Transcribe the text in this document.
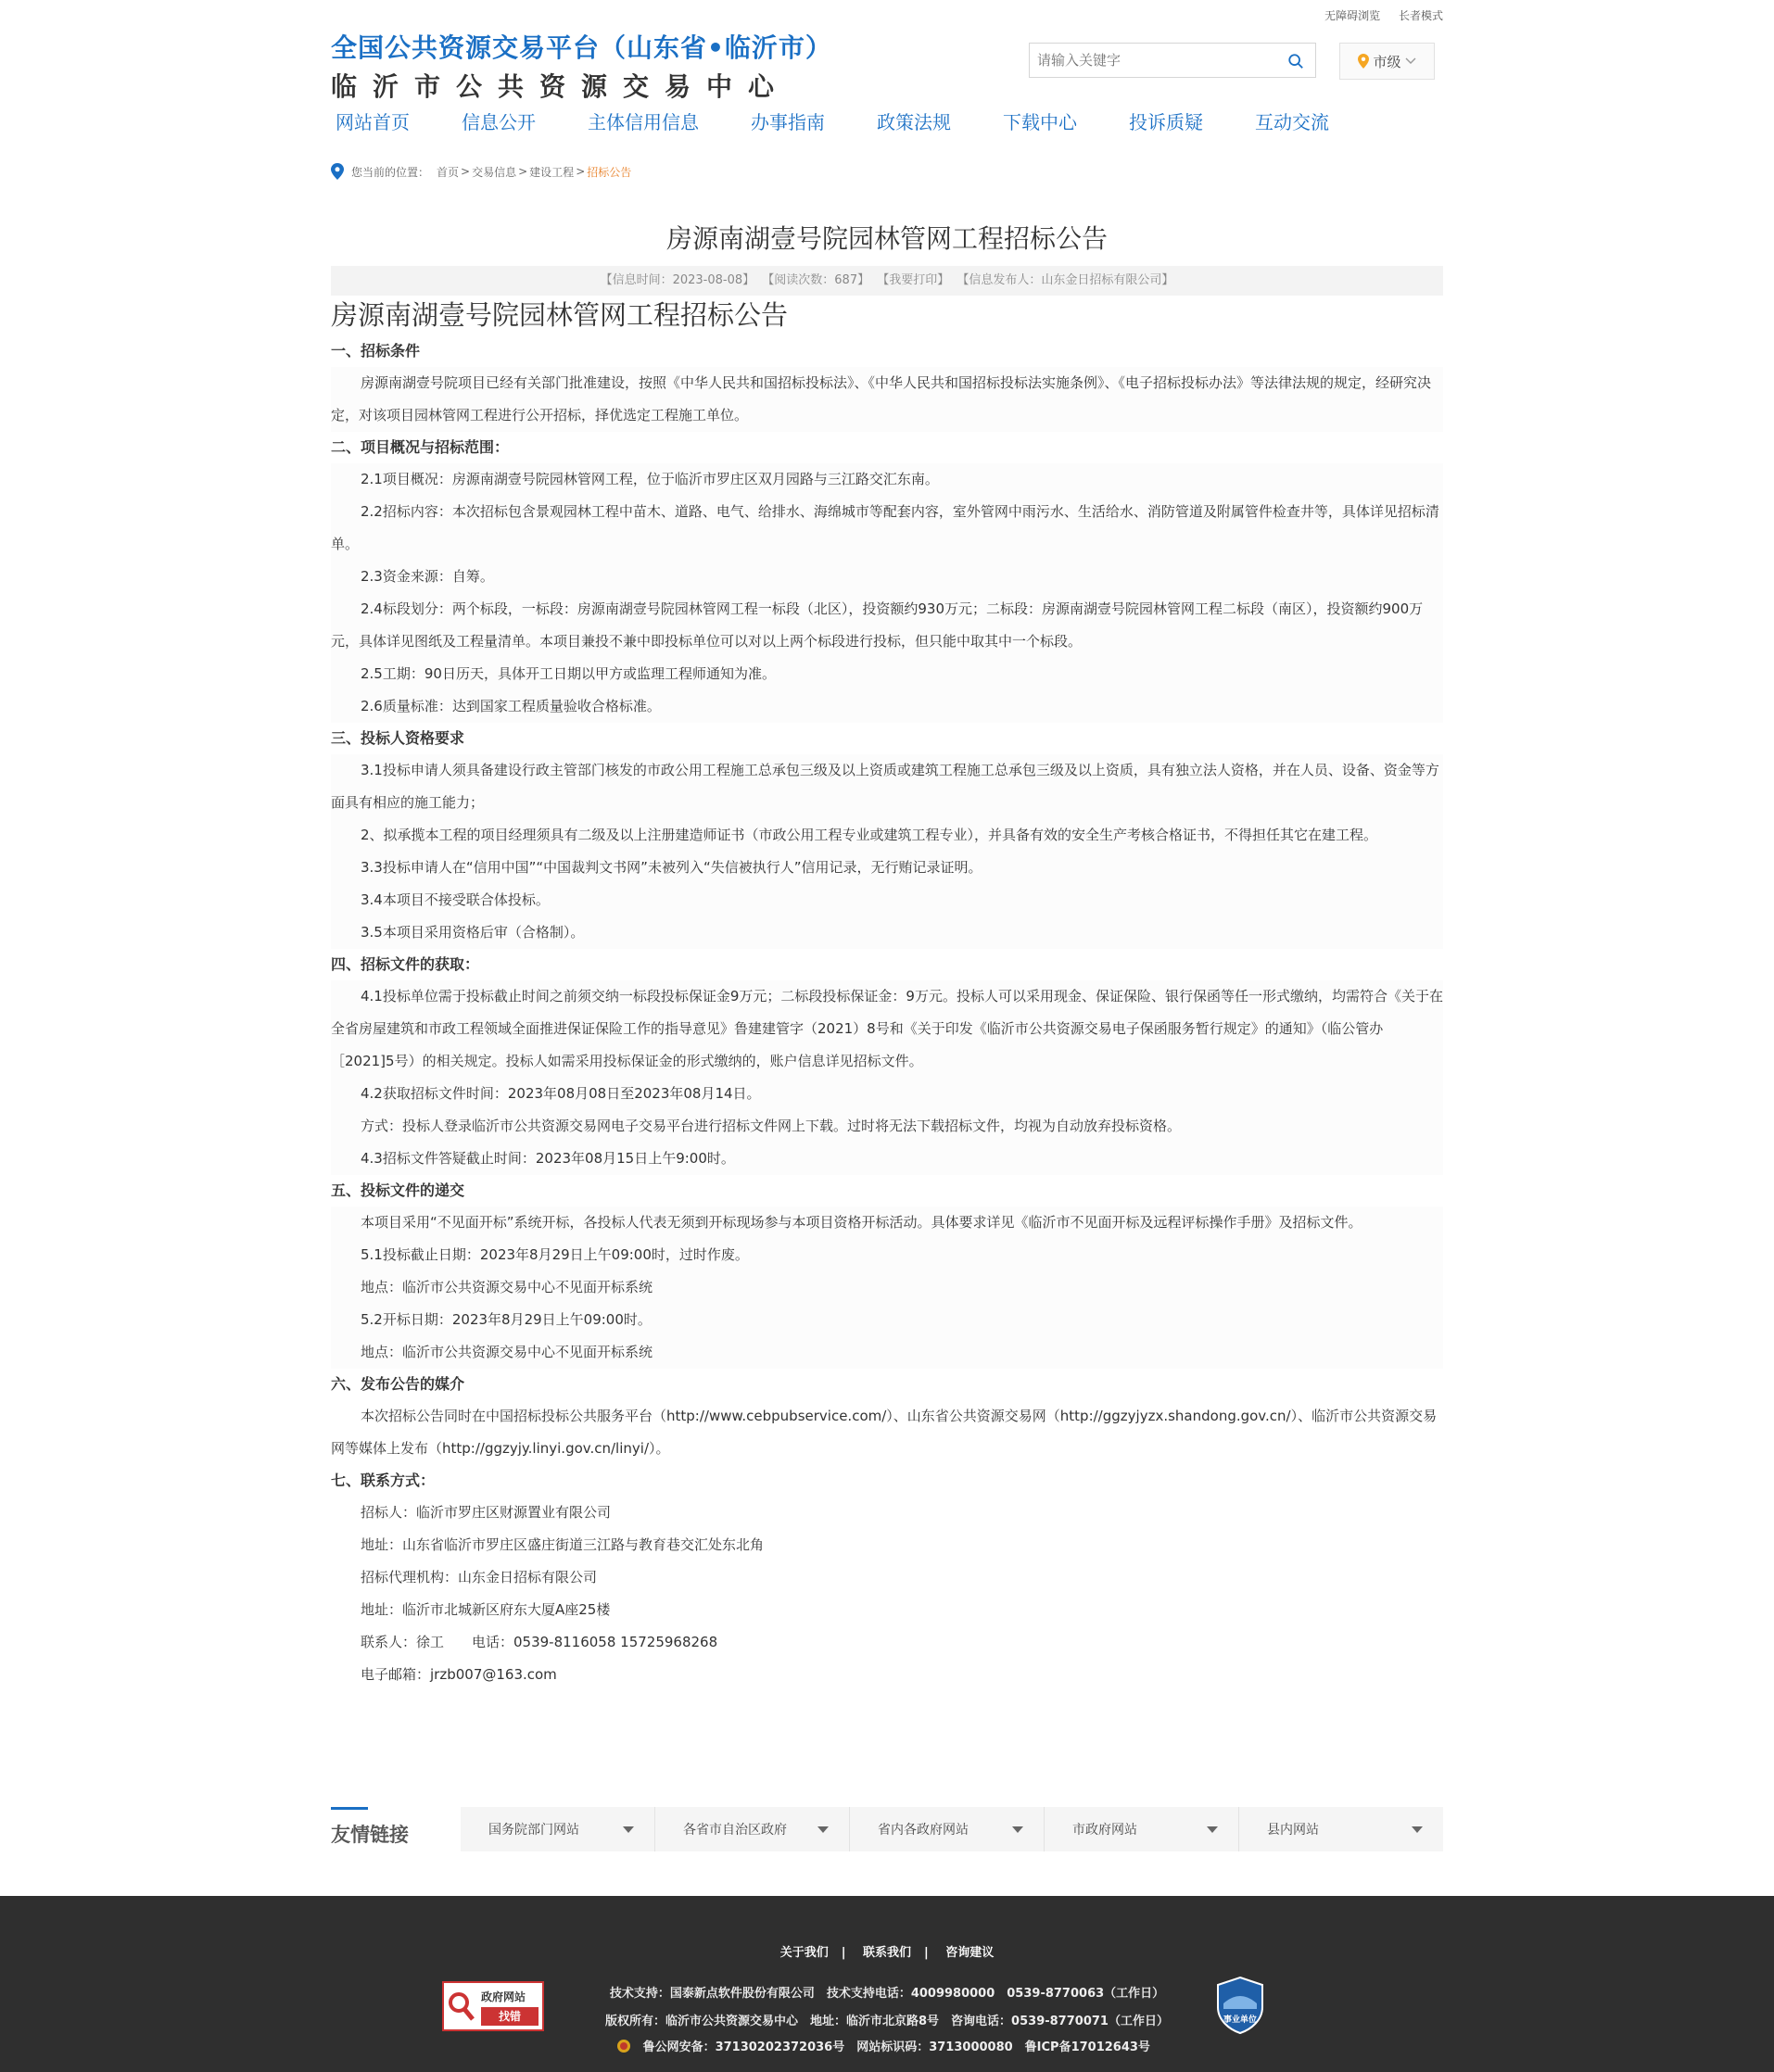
无障碍浏览 长者模式
全国公共资源交易平台（山东省•临沂市）
临沂市公共资源交易中心
请输入关键字
市级
网站首页	信息公开	主体信用信息	办事指南	政策法规	下载中心	投诉质疑	互动交流
您当前的位置： 首页 > 交易信息 > 建设工程 > 招标公告
房源南湖壹号院园林管网工程招标公告
【信息时间：2023-08-08】 【阅读次数：687】 【我要打印】 【信息发布人：山东金日招标有限公司】
房源南湖壹号院园林管网工程招标公告
一、招标条件
房源南湖壹号院项目已经有关部门批准建设，按照《中华人民共和国招标投标法》、《中华人民共和国招标投标法实施条例》、《电子招标投标办法》等法律法规的规定，经研究决定，对该项目园林管网工程进行公开招标，择优选定工程施工单位。
二、项目概况与招标范围：
2.1项目概况：房源南湖壹号院园林管网工程，位于临沂市罗庄区双月园路与三江路交汇东南。
2.2招标内容：本次招标包含景观园林工程中苗木、道路、电气、给排水、海绵城市等配套内容，室外管网中雨污水、生活给水、消防管道及附属管件检查井等，具体详见招标清单。
2.3资金来源：自筹。
2.4标段划分：两个标段，一标段：房源南湖壹号院园林管网工程一标段（北区），投资额约930万元；二标段：房源南湖壹号院园林管网工程二标段（南区），投资额约900万元，具体详见图纸及工程量清单。本项目兼投不兼中即投标单位可以对以上两个标段进行投标，但只能中取其中一个标段。
2.5工期：90日历天，具体开工日期以甲方或监理工程师通知为准。
2.6质量标准：达到国家工程质量验收合格标准。
三、投标人资格要求
3.1投标申请人须具备建设行政主管部门核发的市政公用工程施工总承包三级及以上资质或建筑工程施工总承包三级及以上资质，具有独立法人资格，并在人员、设备、资金等方面具有相应的施工能力；
2、拟承揽本工程的项目经理须具有二级及以上注册建造师证书（市政公用工程专业或建筑工程专业），并具备有效的安全生产考核合格证书，不得担任其它在建工程。
3.3投标申请人在“信用中国”“中国裁判文书网”未被列入“失信被执行人”信用记录，无行贿记录证明。
3.4本项目不接受联合体投标。
3.5本项目采用资格后审（合格制）。
四、招标文件的获取：
4.1投标单位需于投标截止时间之前须交纳一标段投标保证金9万元；二标段投标保证金：9万元。投标人可以采用现金、保证保险、银行保函等任一形式缴纳，均需符合《关于在全省房屋建筑和市政工程领域全面推进保证保险工作的指导意见》鲁建建管字（2021）8号和《关于印发《临沂市公共资源交易电子保函服务暂行规定》的通知》（临公管办［2021]5号）的相关规定。投标人如需采用投标保证金的形式缴纳的，账户信息详见招标文件。
4.2获取招标文件时间：2023年08月08日至2023年08月14日。
方式：投标人登录临沂市公共资源交易网电子交易平台进行招标文件网上下载。过时将无法下载招标文件，均视为自动放弃投标资格。
4.3招标文件答疑截止时间：2023年08月15日上午9:00时。
五、投标文件的递交
本项目采用“不见面开标”系统开标，各投标人代表无须到开标现场参与本项目资格开标活动。具体要求详见《临沂市不见面开标及远程评标操作手册》及招标文件。
5.1投标截止日期：2023年8月29日上午09:00时，过时作废。
地点：临沂市公共资源交易中心不见面开标系统
5.2开标日期：2023年8月29日上午09:00时。
地点：临沂市公共资源交易中心不见面开标系统
六、发布公告的媒介
本次招标公告同时在中国招标投标公共服务平台（http://www.cebpubservice.com/）、山东省公共资源交易网（http://ggzyjyzx.shandong.gov.cn/）、临沂市公共资源交易网等媒体上发布（http://ggzyjy.linyi.gov.cn/linyi/）。
七、联系方式：
招标人：临沂市罗庄区财源置业有限公司
地址：山东省临沂市罗庄区盛庄街道三江路与教育巷交汇处东北角
招标代理机构：山东金日招标有限公司
地址：临沂市北城新区府东大厦A座25楼
联系人：徐工　　电话：0539-8116058 15725968268
电子邮箱：jrzb007@163.com
友情链接	国务院部门网站	各省市自治区政府	省内各政府网站	市政府网站	县内网站
关于我们 | 联系我们 | 咨询建议
技术支持：国泰新点软件股份有限公司　技术支持电话：4009980000　0539-8770063（工作日）
版权所有：临沂市公共资源交易中心　地址：临沂市北京路8号　咨询电话：0539-8770071（工作日）
鲁公网安备：37130202372036号　网站标识码：3713000080　鲁ICP备17012643号
政府网站
找错	事业单位
